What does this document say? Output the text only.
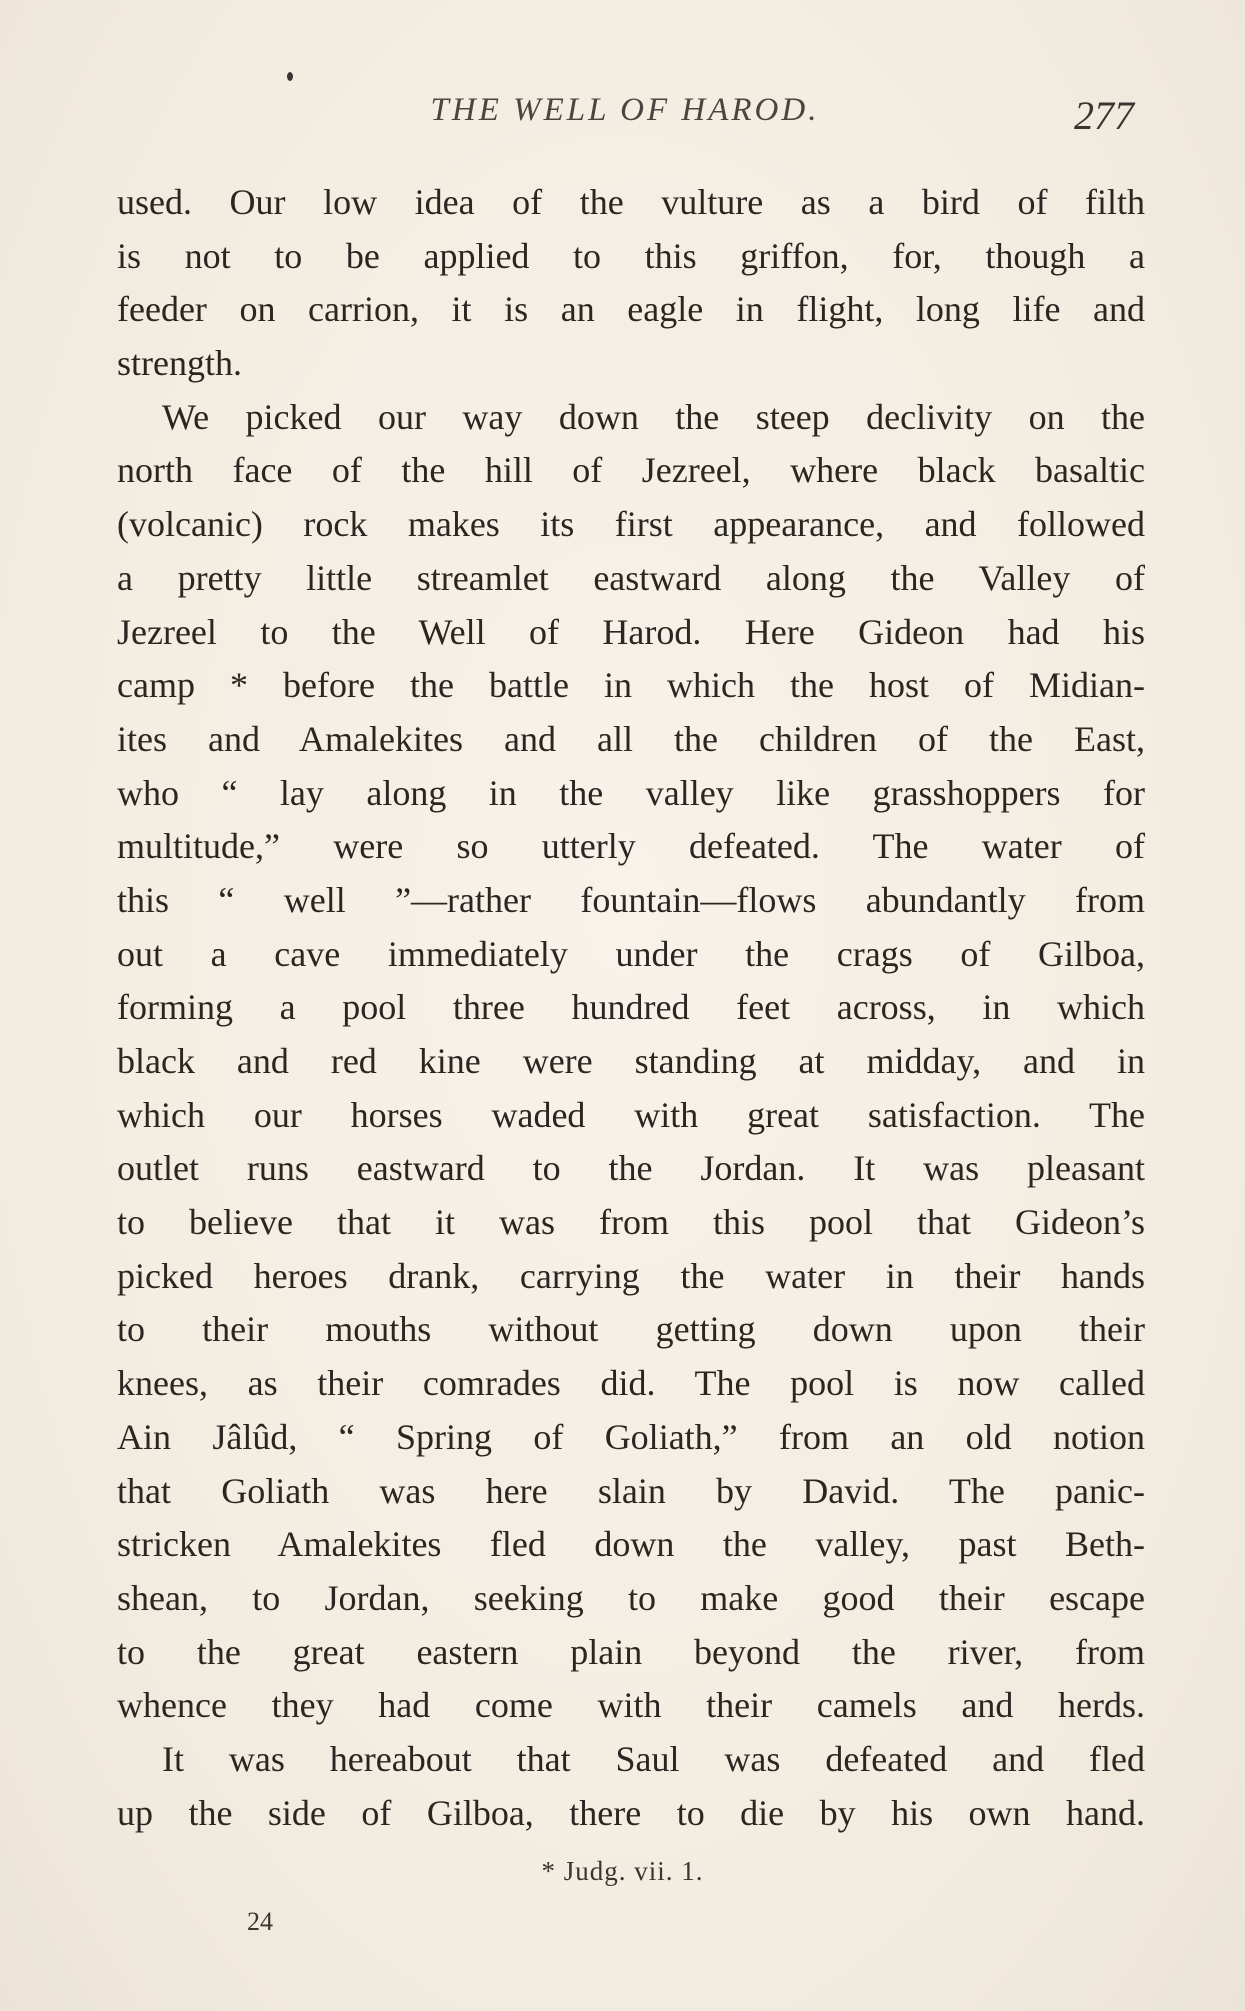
THE WELL OF HAROD.	277
used. Our low idea of the vulture as a bird of filth
is not to be applied to this griffon, for, though a
feeder on carrion, it is an eagle in flight, long life and
strength.
We picked our way down the steep declivity on the
north face of the hill of Jezreel, where black basaltic
(volcanic) rock makes its first appearance, and followed
a pretty little streamlet eastward along the Valley of
Jezreel to the Well of Harod. Here Gideon had his
camp * before the battle in which the host of Midian-
ites and Amalekites and all the children of the East,
who “ lay along in the valley like grasshoppers for
multitude,” were so utterly defeated. The water of
this “ well ”—rather fountain—flows abundantly from
out a cave immediately under the crags of Gilboa,
forming a pool three hundred feet across, in which
black and red kine were standing at midday, and in
which our horses waded with great satisfaction. The
outlet runs eastward to the Jordan. It was pleasant
to believe that it was from this pool that Gideon’s
picked heroes drank, carrying the water in their hands
to their mouths without getting down upon their
knees, as their comrades did. The pool is now called
Ain Jâlûd, “ Spring of Goliath,” from an old notion
that Goliath was here slain by David. The panic-
stricken Amalekites fled down the valley, past Beth-
shean, to Jordan, seeking to make good their escape
to the great eastern plain beyond the river, from
whence they had come with their camels and herds.
It was hereabout that Saul was defeated and fled
up the side of Gilboa, there to die by his own hand.
* Judg. vii. 1.
24
